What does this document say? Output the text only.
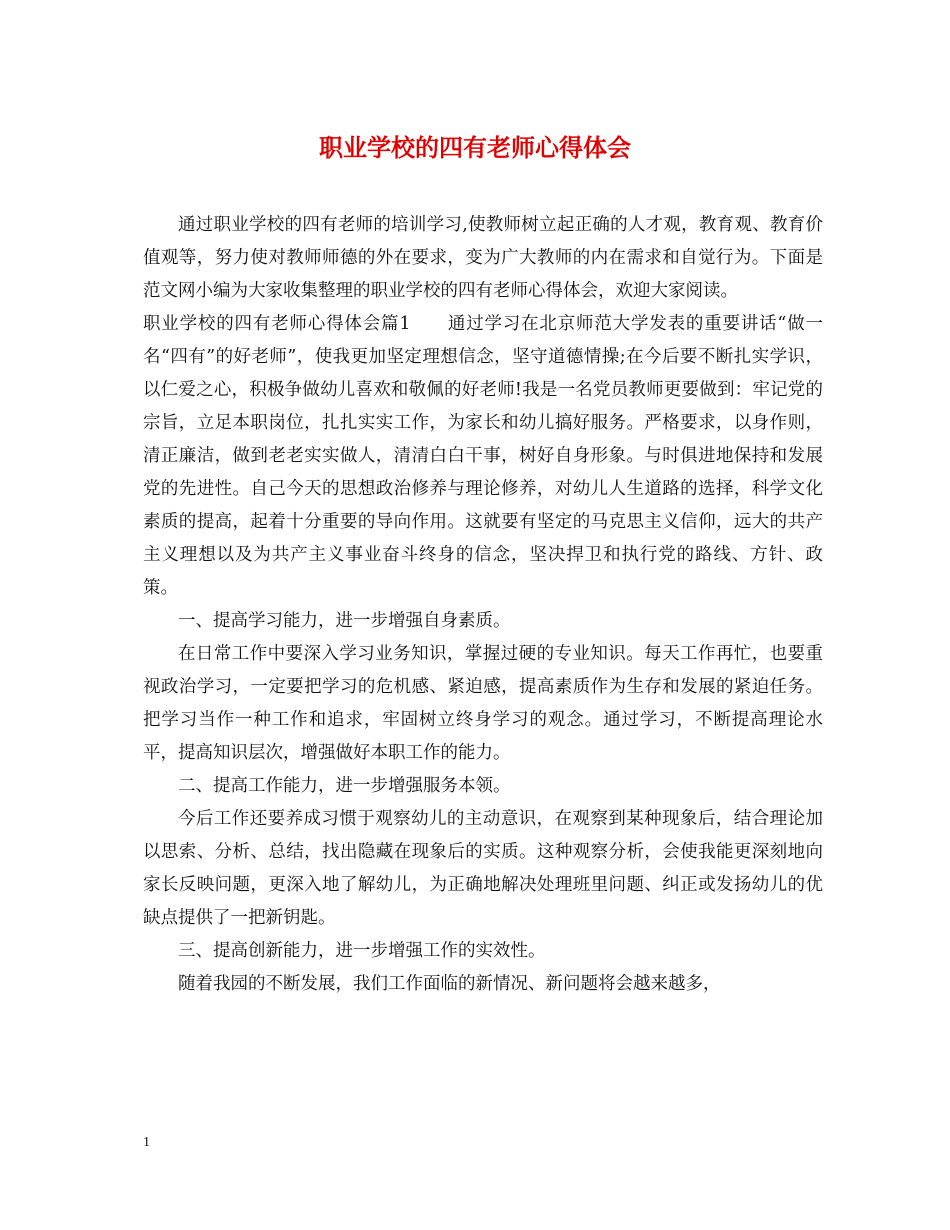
职业学校的四有老师心得体会

通过职业学校的四有老师的培训学习,使教师树立起正确的人才观，教育观、教育价值观等，努力使对教师师德的外在要求，变为广大教师的内在需求和自觉行为。下面是范文网小编为大家收集整理的职业学校的四有老师心得体会，欢迎大家阅读。

职业学校的四有老师心得体会篇1　　通过学习在北京师范大学发表的重要讲话“做一名“四有”的好老师”，使我更加坚定理想信念，坚守道德情操;在今后要不断扎实学识，以仁爱之心，积极争做幼儿喜欢和敬佩的好老师!我是一名党员教师更要做到：牢记党的宗旨，立足本职岗位，扎扎实实工作，为家长和幼儿搞好服务。严格要求，以身作则，清正廉洁，做到老老实实做人，清清白白干事，树好自身形象。与时俱进地保持和发展党的先进性。自己今天的思想政治修养与理论修养，对幼儿人生道路的选择，科学文化素质的提高，起着十分重要的导向作用。这就要有坚定的马克思主义信仰，远大的共产主义理想以及为共产主义事业奋斗终身的信念，坚决捍卫和执行党的路线、方针、政策。

一、提高学习能力，进一步增强自身素质。

在日常工作中要深入学习业务知识，掌握过硬的专业知识。每天工作再忙，也要重视政治学习，一定要把学习的危机感、紧迫感，提高素质作为生存和发展的紧迫任务。把学习当作一种工作和追求，牢固树立终身学习的观念。通过学习，不断提高理论水平，提高知识层次，增强做好本职工作的能力。

二、提高工作能力，进一步增强服务本领。

今后工作还要养成习惯于观察幼儿的主动意识，在观察到某种现象后，结合理论加以思索、分析、总结，找出隐藏在现象后的实质。这种观察分析，会使我能更深刻地向家长反映问题，更深入地了解幼儿，为正确地解决处理班里问题、纠正或发扬幼儿的优缺点提供了一把新钥匙。

三、提高创新能力，进一步增强工作的实效性。

随着我园的不断发展，我们工作面临的新情况、新问题将会越来越多，

1
